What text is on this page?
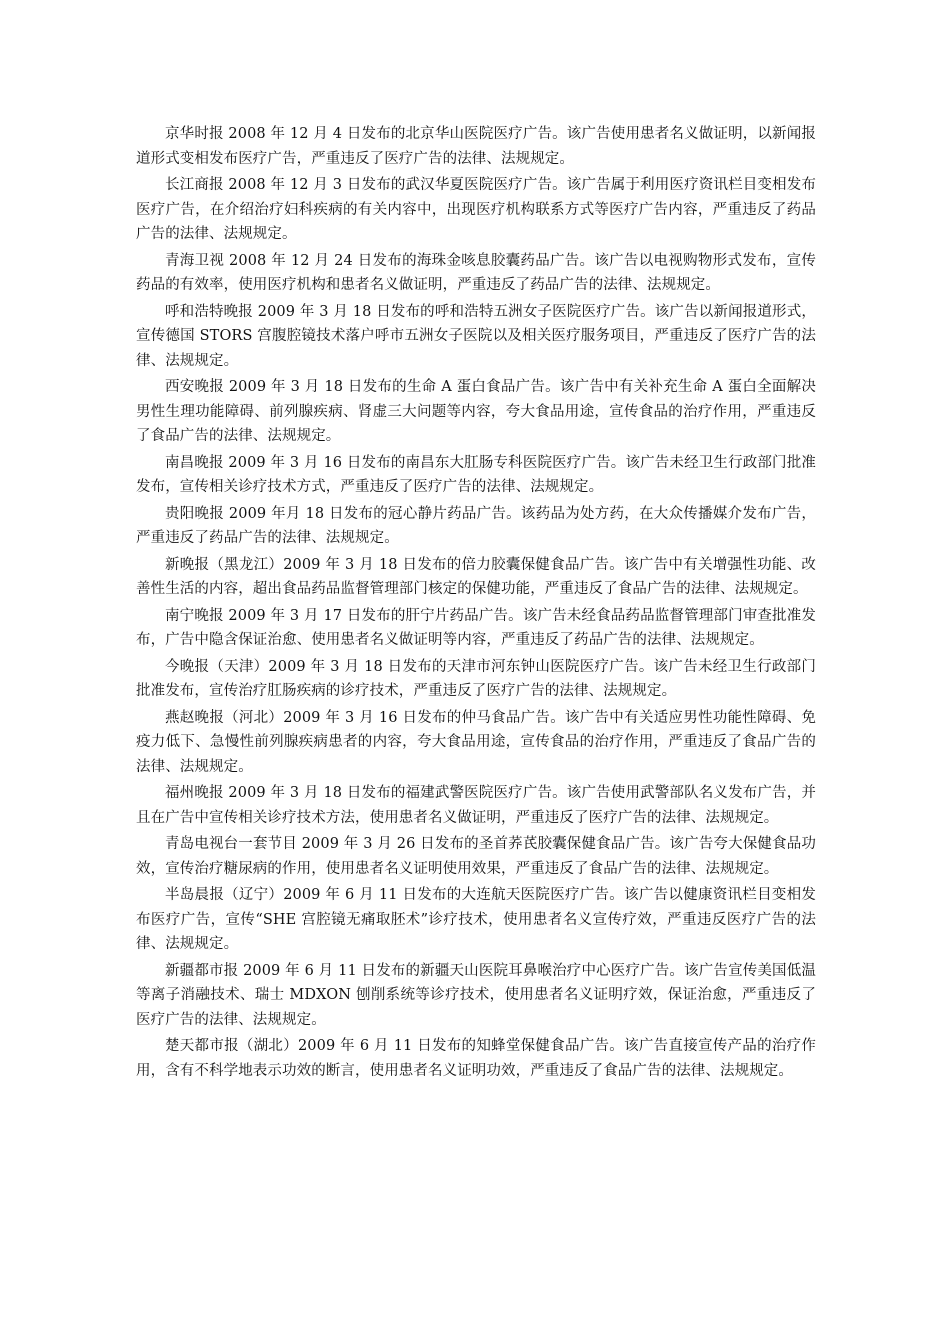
京华时报 2008 年 12 月 4 日发布的北京华山医院医疗广告。该广告使用患者名义做证明，以新闻报道形式变相发布医疗广告，严重违反了医疗广告的法律、法规规定。

长江商报 2008 年 12 月 3 日发布的武汉华夏医院医疗广告。该广告属于利用医疗资讯栏目变相发布医疗广告，在介绍治疗妇科疾病的有关内容中，出现医疗机构联系方式等医疗广告内容，严重违反了药品广告的法律、法规规定。

青海卫视 2008 年 12 月 24 日发布的海珠金咳息胶囊药品广告。该广告以电视购物形式发布，宣传药品的有效率，使用医疗机构和患者名义做证明，严重违反了药品广告的法律、法规规定。

呼和浩特晚报 2009 年 3 月 18 日发布的呼和浩特五洲女子医院医疗广告。该广告以新闻报道形式，宣传德国 STORS 宫腹腔镜技术落户呼市五洲女子医院以及相关医疗服务项目，严重违反了医疗广告的法律、法规规定。

西安晚报 2009 年 3 月 18 日发布的生命 A 蛋白食品广告。该广告中有关补充生命 A 蛋白全面解决男性生理功能障碍、前列腺疾病、肾虚三大问题等内容，夸大食品用途，宣传食品的治疗作用，严重违反了食品广告的法律、法规规定。

南昌晚报 2009 年 3 月 16 日发布的南昌东大肛肠专科医院医疗广告。该广告未经卫生行政部门批准发布，宣传相关诊疗技术方式，严重违反了医疗广告的法律、法规规定。

贵阳晚报 2009 年月 18 日发布的冠心静片药品广告。该药品为处方药，在大众传播媒介发布广告，严重违反了药品广告的法律、法规规定。

新晚报（黑龙江）2009 年 3 月 18 日发布的倍力胶囊保健食品广告。该广告中有关增强性功能、改善性生活的内容，超出食品药品监督管理部门核定的保健功能，严重违反了食品广告的法律、法规规定。

南宁晚报 2009 年 3 月 17 日发布的肝宁片药品广告。该广告未经食品药品监督管理部门审查批准发布，广告中隐含保证治愈、使用患者名义做证明等内容，严重违反了药品广告的法律、法规规定。

今晚报（天津）2009 年 3 月 18 日发布的天津市河东钟山医院医疗广告。该广告未经卫生行政部门批准发布，宣传治疗肛肠疾病的诊疗技术，严重违反了医疗广告的法律、法规规定。

燕赵晚报（河北）2009 年 3 月 16 日发布的仲马食品广告。该广告中有关适应男性功能性障碍、免疫力低下、急慢性前列腺疾病患者的内容，夸大食品用途，宣传食品的治疗作用，严重违反了食品广告的法律、法规规定。

福州晚报 2009 年 3 月 18 日发布的福建武警医院医疗广告。该广告使用武警部队名义发布广告，并且在广告中宣传相关诊疗技术方法，使用患者名义做证明，严重违反了医疗广告的法律、法规规定。

青岛电视台一套节目 2009 年 3 月 26 日发布的圣首荞芪胶囊保健食品广告。该广告夸大保健食品功效，宣传治疗糖尿病的作用，使用患者名义证明使用效果，严重违反了食品广告的法律、法规规定。

半岛晨报（辽宁）2009 年 6 月 11 日发布的大连航天医院医疗广告。该广告以健康资讯栏目变相发布医疗广告，宣传“SHE 宫腔镜无痛取胚术”诊疗技术，使用患者名义宣传疗效，严重违反医疗广告的法律、法规规定。

新疆都市报 2009 年 6 月 11 日发布的新疆天山医院耳鼻喉治疗中心医疗广告。该广告宣传美国低温等离子消融技术、瑞士 MDXON 刨削系统等诊疗技术，使用患者名义证明疗效，保证治愈，严重违反了医疗广告的法律、法规规定。

楚天都市报（湖北）2009 年 6 月 11 日发布的知蜂堂保健食品广告。该广告直接宣传产品的治疗作用，含有不科学地表示功效的断言，使用患者名义证明功效，严重违反了食品广告的法律、法规规定。
